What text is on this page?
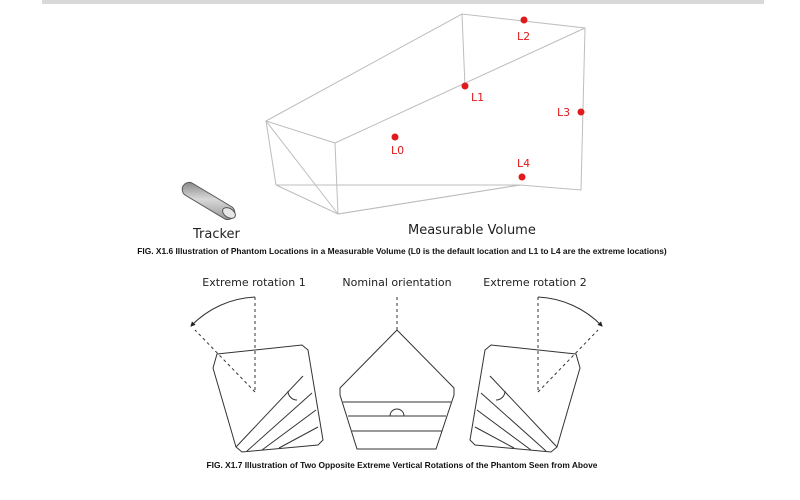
Tracker	Measurable Volume
L0
L1
L2
L3
L4
Extreme rotation 1	Nominal orientation	Extreme rotation 2
FIG. X1.6 Illustration of Phantom Locations in a Measurable Volume (L0 is the default location and L1 to L4 are the extreme locations)
FIG. X1.7 Illustration of Two Opposite Extreme Vertical Rotations of the Phantom Seen from Above
